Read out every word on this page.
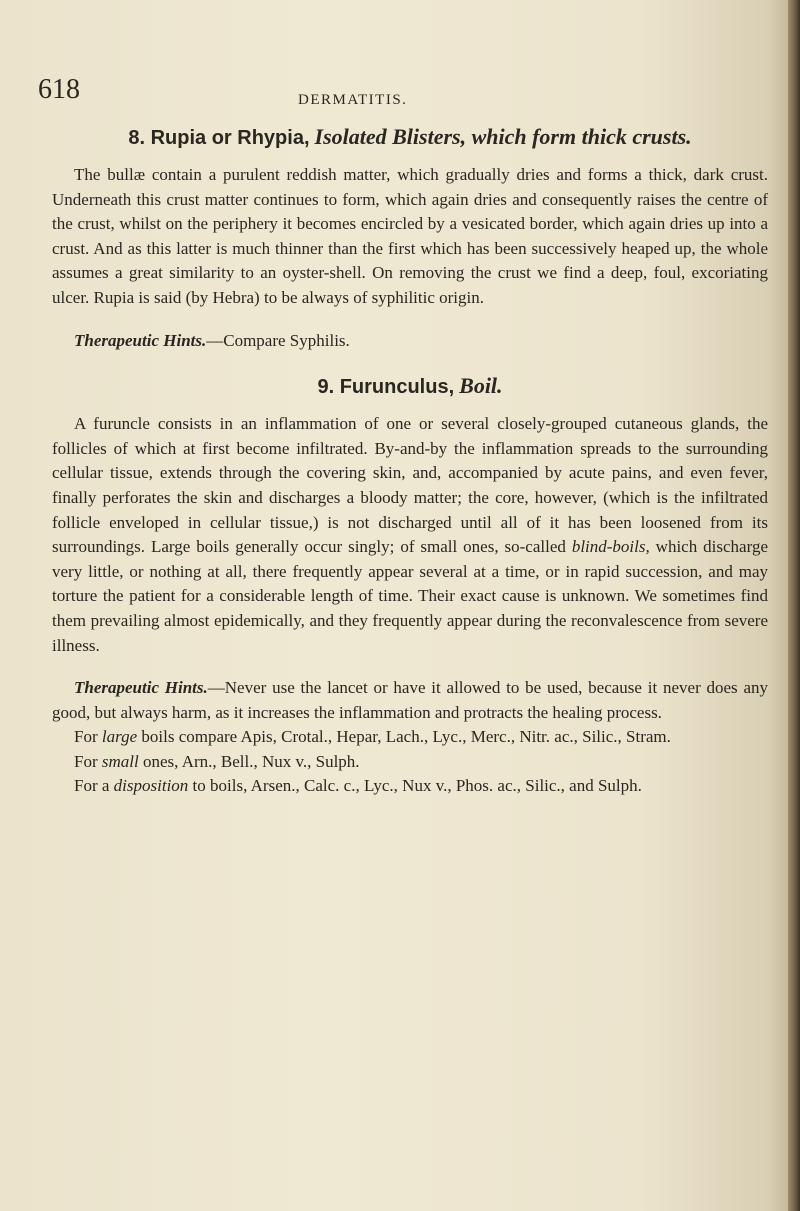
618	DERMATITIS.
8. Rupia or Rhypia, Isolated Blisters, which form thick crusts.

The bullæ contain a purulent reddish matter, which gradually dries and forms a thick, dark crust. Underneath this crust matter continues to form, which again dries and consequently raises the centre of the crust, whilst on the periphery it becomes encircled by a vesicated border, which again dries up into a crust. And as this latter is much thinner than the first which has been successively heaped up, the whole assumes a great similarity to an oyster-shell. On removing the crust we find a deep, foul, excoriating ulcer. Rupia is said (by Hebra) to be always of syphilitic origin.

Therapeutic Hints.—Compare Syphilis.

9. Furunculus, Boil.

A furuncle consists in an inflammation of one or several closely-grouped cutaneous glands, the follicles of which at first become infiltrated. By-and-by the inflammation spreads to the surrounding cellular tissue, extends through the covering skin, and, accompanied by acute pains, and even fever, finally perforates the skin and discharges a bloody matter; the core, however, (which is the infiltrated follicle enveloped in cellular tissue,) is not discharged until all of it has been loosened from its surroundings. Large boils generally occur singly; of small ones, so-called blind-boils, which discharge very little, or nothing at all, there frequently appear several at a time, or in rapid succession, and may torture the patient for a considerable length of time. Their exact cause is unknown. We sometimes find them prevailing almost epidemically, and they frequently appear during the reconvalescence from severe illness.

Therapeutic Hints.—Never use the lancet or have it allowed to be used, because it never does any good, but always harm, as it increases the inflammation and protracts the healing process.

For large boils compare Apis, Crotal., Hepar, Lach., Lyc., Merc., Nitr. ac., Silic., Stram.

For small ones, Arn., Bell., Nux v., Sulph.

For a disposition to boils, Arsen., Calc. c., Lyc., Nux v., Phos. ac., Silic., and Sulph.
